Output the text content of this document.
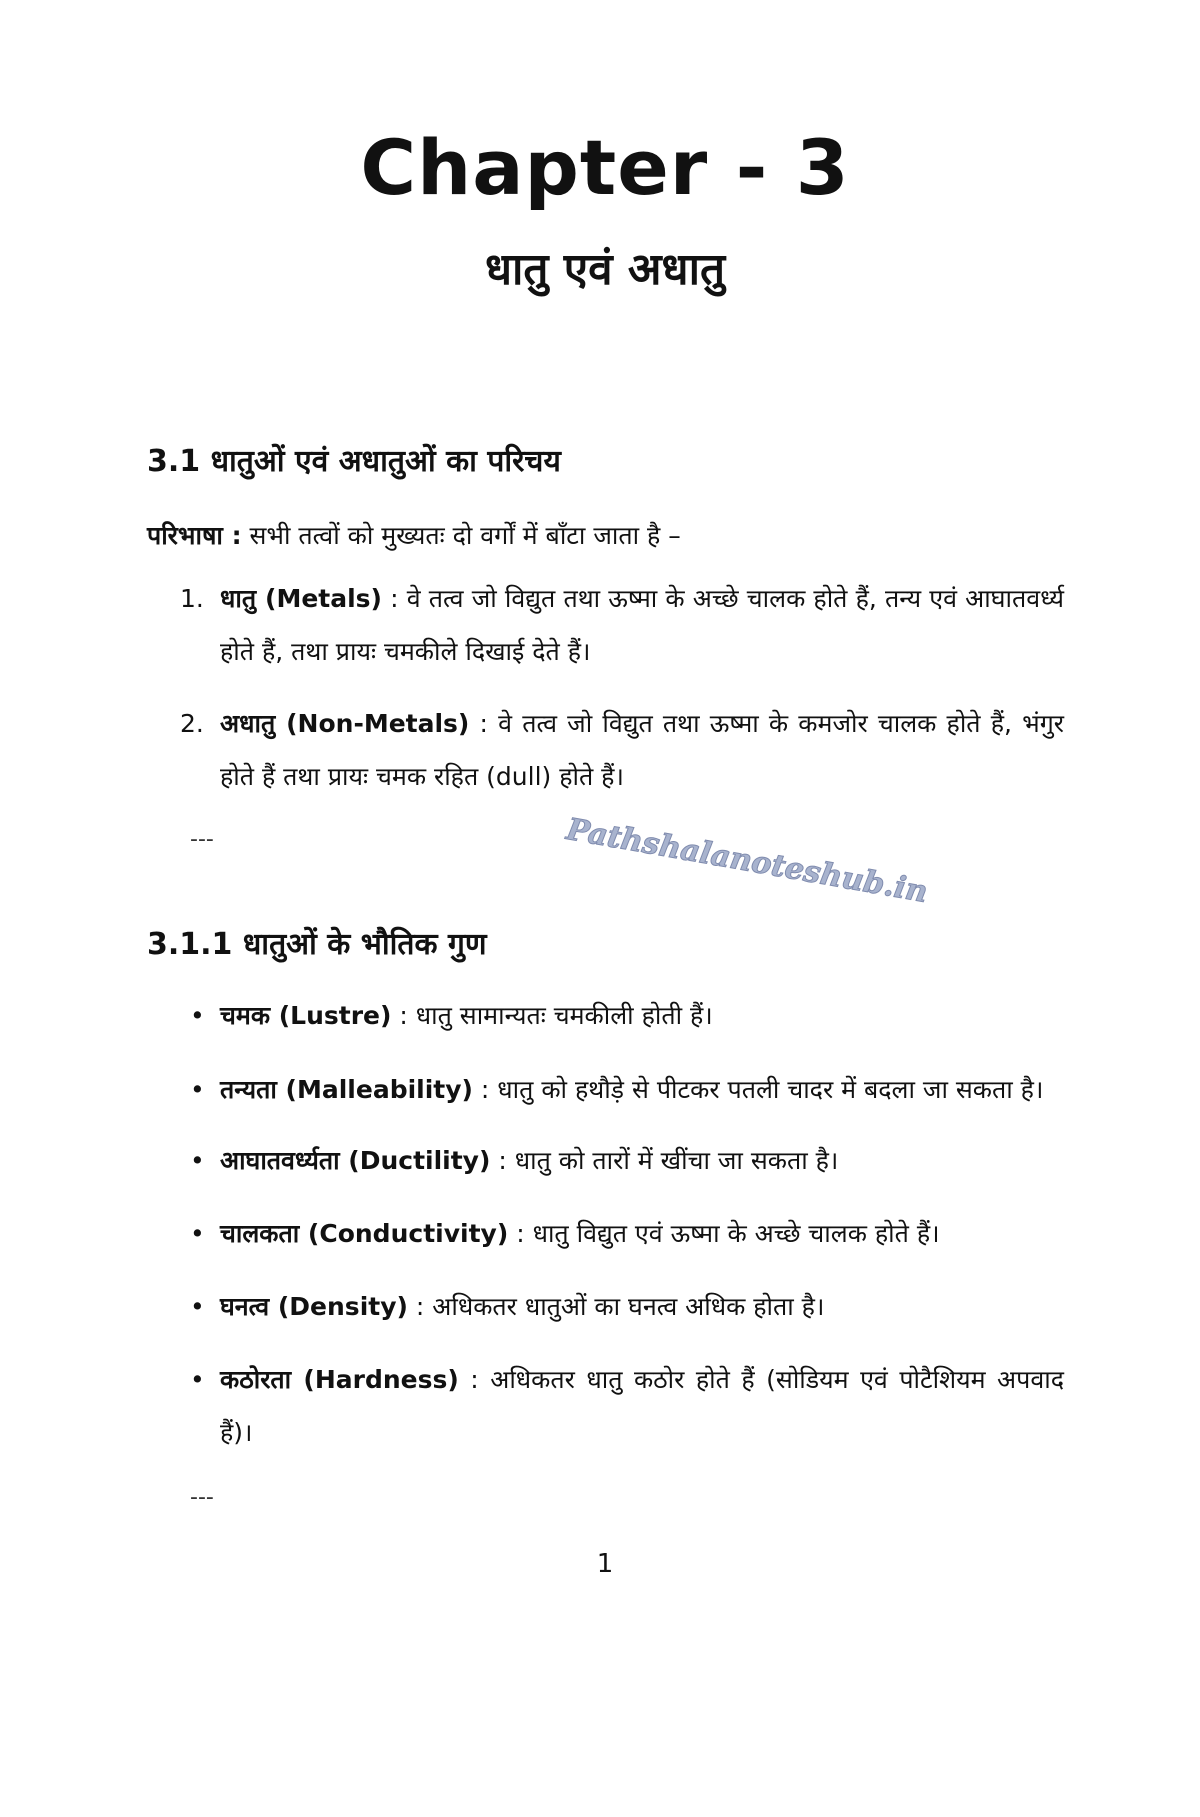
Chapter - 3
धातु एवं अधातु
3.1 धातुओं एवं अधातुओं का परिचय
परिभाषा : सभी तत्वों को मुख्यतः दो वर्गों में बाँटा जाता है –
1. धातु (Metals) : वे तत्व जो विद्युत तथा ऊष्मा के अच्छे चालक होते हैं, तन्य एवं आघातवर्ध्य होते हैं, तथा प्रायः चमकीले दिखाई देते हैं।
2. अधातु (Non-Metals) : वे तत्व जो विद्युत तथा ऊष्मा के कमजोर चालक होते हैं, भंगुर होते हैं तथा प्रायः चमक रहित (dull) होते हैं।
---	Pathshalanoteshub.in
3.1.1 धातुओं के भौतिक गुण
• चमक (Lustre) : धातु सामान्यतः चमकीली होती हैं।
• तन्यता (Malleability) : धातु को हथौड़े से पीटकर पतली चादर में बदला जा सकता है।
• आघातवर्ध्यता (Ductility) : धातु को तारों में खींचा जा सकता है।
• चालकता (Conductivity) : धातु विद्युत एवं ऊष्मा के अच्छे चालक होते हैं।
• घनत्व (Density) : अधिकतर धातुओं का घनत्व अधिक होता है।
• कठोरता (Hardness) : अधिकतर धातु कठोर होते हैं (सोडियम एवं पोटैशियम अपवाद हैं)।
---
1
